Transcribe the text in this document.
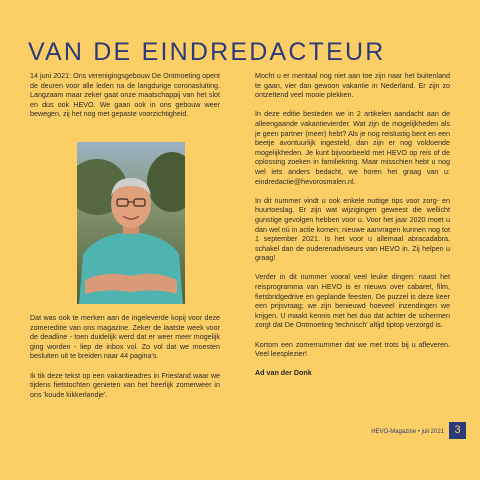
VAN DE EINDREDACTEUR

14 juni 2021: Ons verenigingsgebouw De Ontmoeting opent de deuren voor alle leden na de langdurige coronasluiting. Langzaam maar zeker gaat onze maatschappij van het slot en dus ook HEVO. We gaan ook in ons gebouw weer bewegen, zij het nog met gepaste voorzichtigheid.

Dat was ook te merken aan de ingeleverde kopij voor deze zomereditie van ons magazine. Zeker de laatste week voor de deadline - toen duidelijk werd dat er weer meer mogelijk ging worden - liep de inbox vol. Zo vol dat we moesten besluiten uit te breiden naar 44 pagina's.

Ik tik deze tekst op een vakantieadres in Friesland waar we tijdens fietstochten genieten van het heerlijk zomerweer in ons 'koude kikkerlandje'.

Mocht u er mentaal nog niet aan toe zijn naar het buitenland te gaan, vier dan gewoon vakantie in Nederland. Er zijn zo ontzettend veel mooie plekken.

In deze editie besteden we in 2 artikelen aandacht aan de alleengaande vakantievierder. Wat zijn de mogelijkheden als je geen partner (meer) hebt? Als je nog reislustig bent en een beetje avontuurlijk ingesteld, dan zijn er nog voldoende mogelijkheden. Je kunt bijvoorbeeld met HEVO op reis of de oplossing zoeken in familiekring. Maar misschien hebt u nog wel iets anders bedacht, we horen het graag van u: eindredactie@hevorosmalen.nl.

In dit nummer vindt u ook enkele nuttige tips voor zorg- en huurtoeslag. Er zijn wat wijzigingen geweest die wellicht gunstige gevolgen hebben voor u. Voor het jaar 2020 moet u dan wel nú in actie komen; nieuwe aanvragen kunnen nog tot 1 september 2021. Is het voor u allemaal abracadabra, schakel dan de ouderenadviseurs van HEVO in. Zij helpen u graag!

Verder in dit nummer vooral veel leuke dingen: naast het reisprogramma van HEVO is er nieuws over cabaret, film, fietsbridgedrive en geplande feesten. De puzzel is deze keer een prijsvraag; we zijn benieuwd hoeveel inzendingen we krijgen. U maakt kennis met het duo dat achter de schermen zorgt dat De Ontmoeting 'technisch' altijd tiptop verzorgd is.

Kortom een zomernummer dat we met trots bij u afleveren. Veel leesplezier!

Ad van der Donk

HEVO-Magazine • juli 2021 3
